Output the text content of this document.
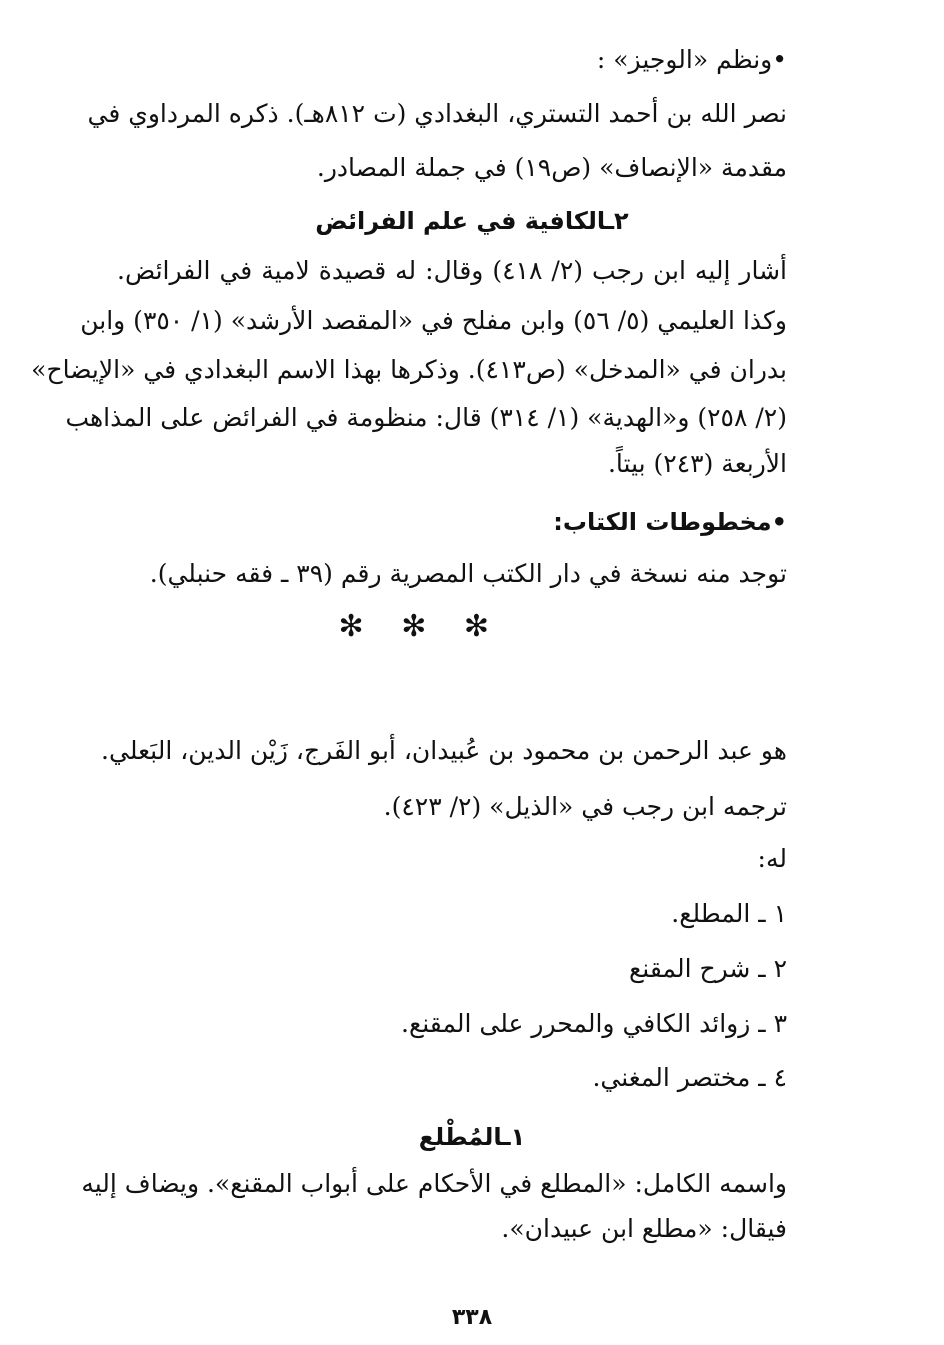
•ونظم «الوجيز» :
نصر الله بن أحمد التستري، البغدادي (ت ٨١٢هـ). ذكره المرداوي في
مقدمة «الإنصاف» (ص١٩) في جملة المصادر.
٢ـالكافية في علم الفرائض
أشار إليه ابن رجب (٢/ ٤١٨) وقال: له قصيدة لامية في الفرائض.
وكذا العليمي (٥/ ٥٦) وابن مفلح في «المقصد الأرشد» (١/ ٣٥٠) وابن
بدران في «المدخل» (ص٤١٣). وذكرها بهذا الاسم البغدادي في «الإيضاح»
(٢/ ٢٥٨) و«الهدية» (١/ ٣١٤) قال: منظومة في الفرائض على المذاهب
الأربعة (٢٤٣) بيتاً.
•مخطوطات الكتاب:
توجد منه نسخة في دار الكتب المصرية رقم (٣٩ ـ فقه حنبلي).
✻ ✻ ✻
هو عبد الرحمن بن محمود بن عُبيدان، أبو الفَرج، زَيْن الدين، البَعلي.
ترجمه ابن رجب في «الذيل» (٢/ ٤٢٣).
له:
١ ـ المطلع.
٢ ـ شرح المقنع
٣ ـ زوائد الكافي والمحرر على المقنع.
٤ ـ مختصر المغني.
١ـالمُطْلع
واسمه الكامل: «المطلع في الأحكام على أبواب المقنع». ويضاف إليه
فيقال: «مطلع ابن عبيدان».
٣٣٨
